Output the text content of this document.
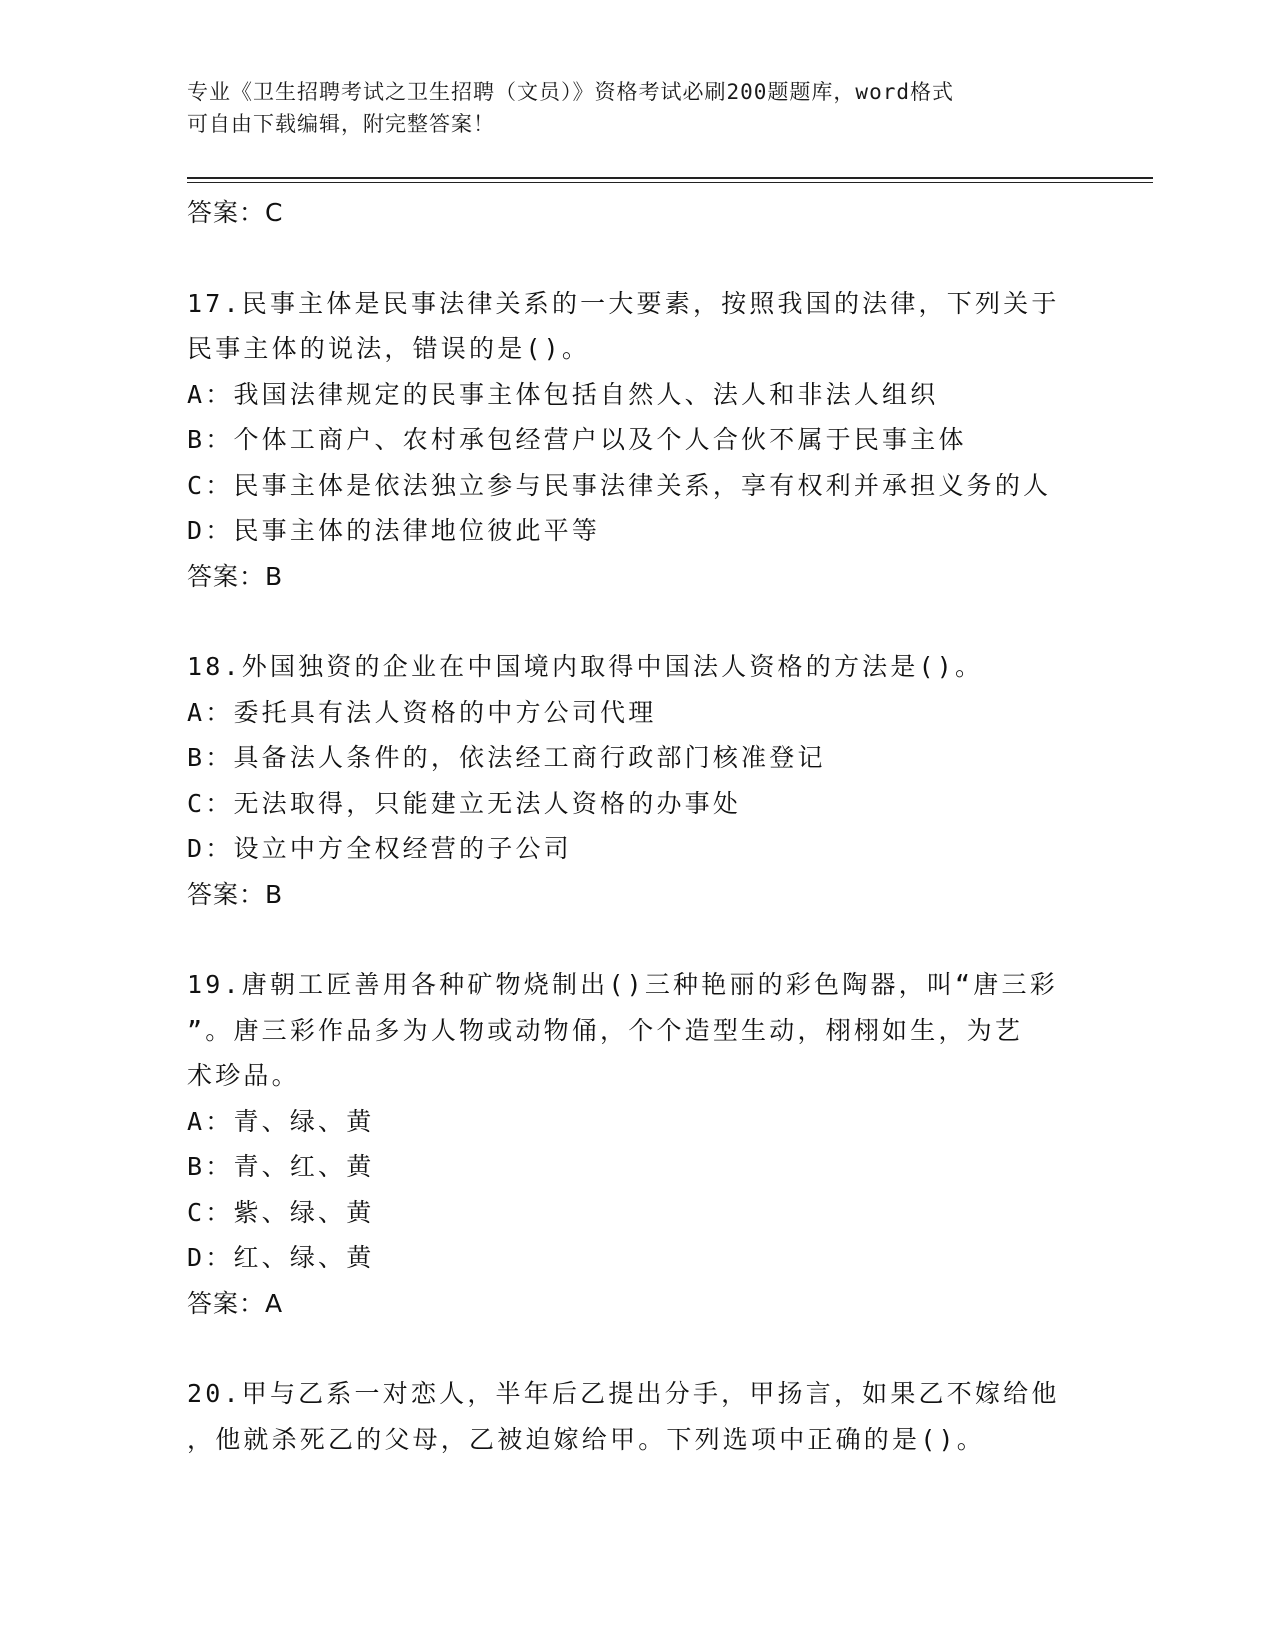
专业《卫生招聘考试之卫生招聘（文员）》资格考试必刷200题题库，word格式
可自由下载编辑，附完整答案！
答案：C
17.民事主体是民事法律关系的一大要素，按照我国的法律，下列关于
民事主体的说法，错误的是()。
A：我国法律规定的民事主体包括自然人、法人和非法人组织
B：个体工商户、农村承包经营户以及个人合伙不属于民事主体
C：民事主体是依法独立参与民事法律关系，享有权利并承担义务的人
D：民事主体的法律地位彼此平等
答案：B
18.外国独资的企业在中国境内取得中国法人资格的方法是()。
A：委托具有法人资格的中方公司代理
B：具备法人条件的，依法经工商行政部门核准登记
C：无法取得，只能建立无法人资格的办事处
D：设立中方全权经营的子公司
答案：B
19.唐朝工匠善用各种矿物烧制出()三种艳丽的彩色陶器，叫“唐三彩
”。唐三彩作品多为人物或动物俑，个个造型生动，栩栩如生，为艺
术珍品。
A：青、绿、黄
B：青、红、黄
C：紫、绿、黄
D：红、绿、黄
答案：A
20.甲与乙系一对恋人，半年后乙提出分手，甲扬言，如果乙不嫁给他
，他就杀死乙的父母，乙被迫嫁给甲。下列选项中正确的是()。
